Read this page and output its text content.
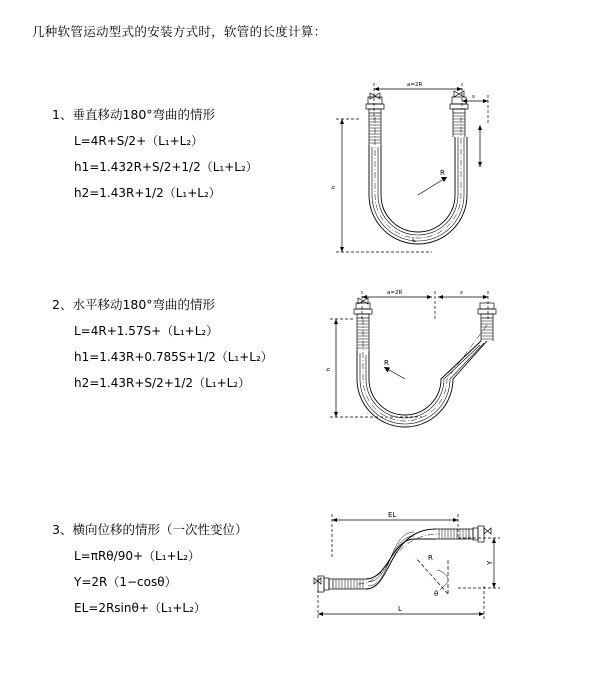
几种软管运动型式的安装方式时，软管的长度计算：
1、垂直移动180°弯曲的情形
L=4R+S/2+（L₁+L₂）
h1=1.432R+S/2+1/2（L₁+L₂）
h2=1.43R+1/2（L₁+L₂）
a=2R
s
h
R
L
2、水平移动180°弯曲的情形
L=4R+1.57S+（L₁+L₂）
h1=1.43R+0.785S+1/2（L₁+L₂）
h2=1.43R+S/2+1/2（L₁+L₂）
a=2R	s
h
R
3、横向位移的情形（一次性变位）
L=πRθ/90+（L₁+L₂）
Y=2R（1−cosθ）
EL=2Rsinθ+（L₁+L₂）
EL
L
Y
θ
R
